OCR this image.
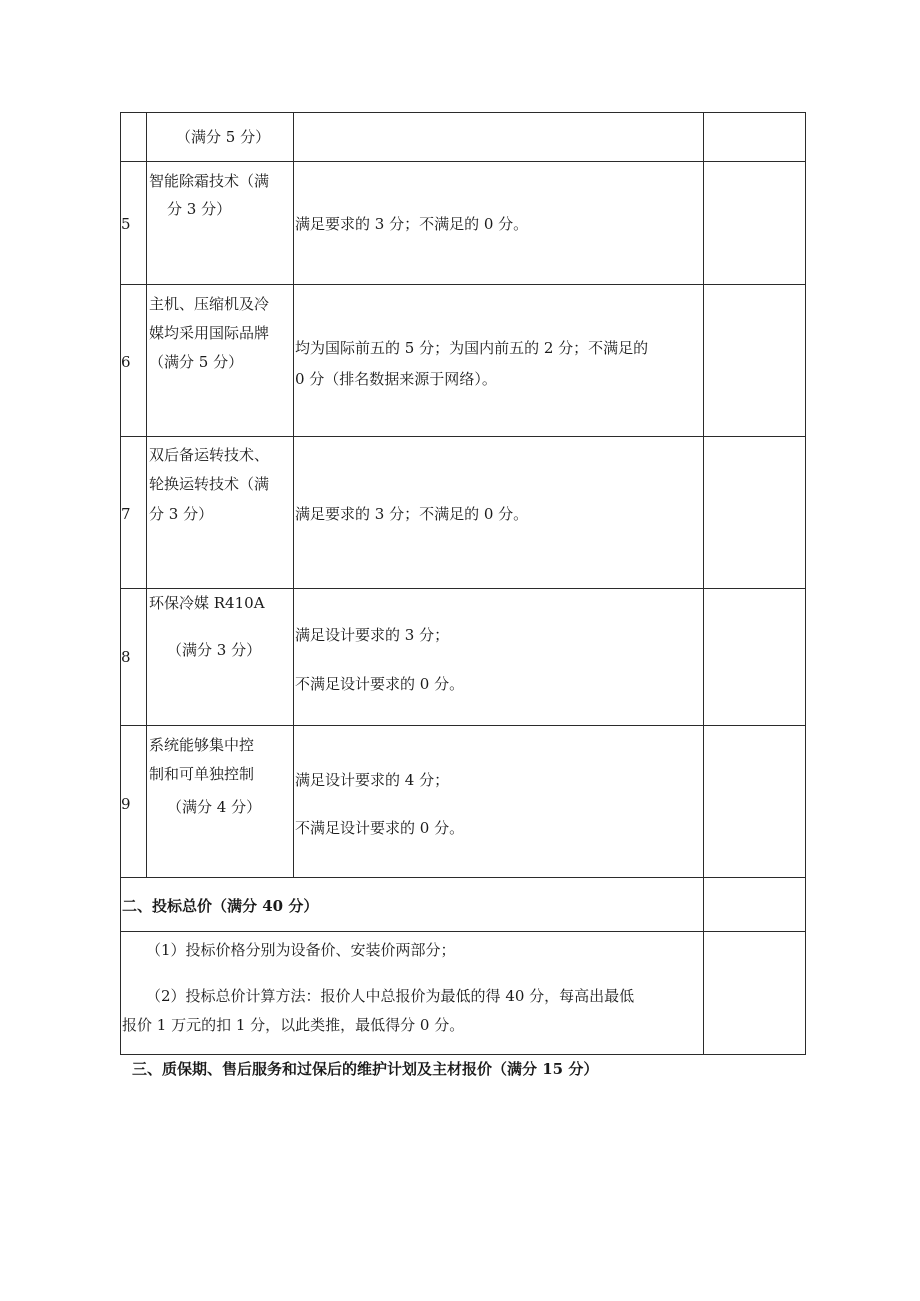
（满分 5 分）
5
智能除霜技术（满
分 3 分）
满足要求的 3 分；不满足的 0 分。
6
主机、压缩机及冷
媒均采用国际品牌
（满分 5 分）
均为国际前五的 5 分；为国内前五的 2 分；不满足的
0 分（排名数据来源于网络）。
7
双后备运转技术、
轮换运转技术（满
分 3 分）	满足要求的 3 分；不满足的 0 分。
8
环保冷媒 R410A
（满分 3 分）
满足设计要求的 3 分；
不满足设计要求的 0 分。
9
系统能够集中控
制和可单独控制
（满分 4 分）
满足设计要求的 4 分；
不满足设计要求的 0 分。
二、投标总价（满分 40 分）
（1）投标价格分别为设备价、安装价两部分；
（2）投标总价计算方法：报价人中总报价为最低的得 40 分，每高出最低
报价 1 万元的扣 1 分，以此类推，最低得分 0 分。
三、质保期、售后服务和过保后的维护计划及主材报价（满分 15 分）
